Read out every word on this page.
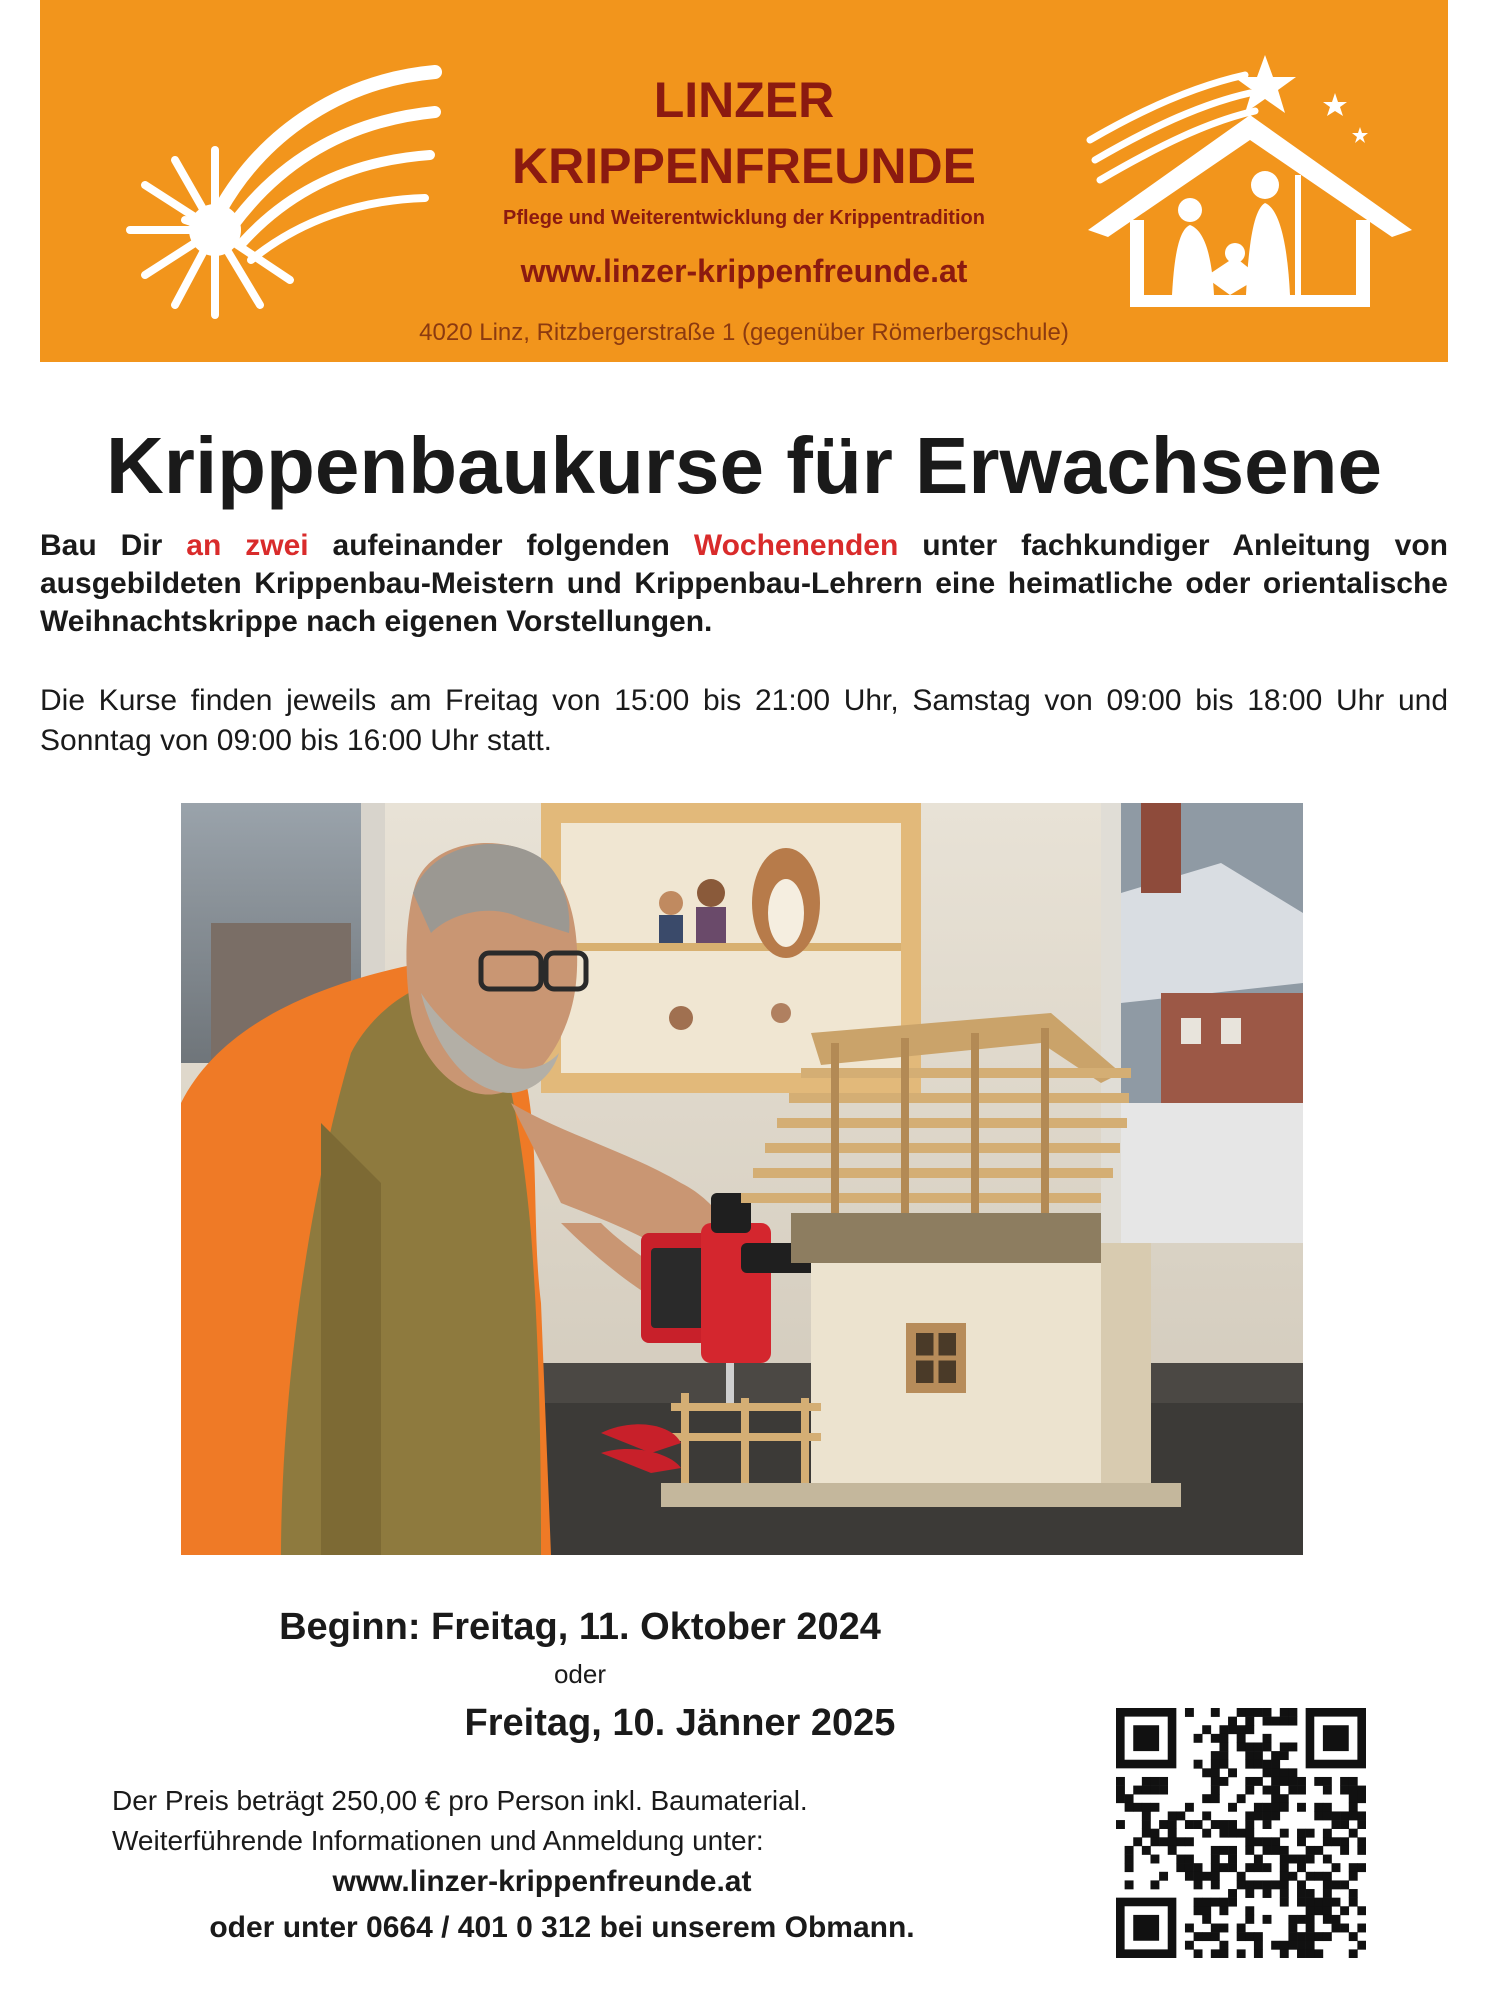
LINZER
KRIPPENFREUNDE
Pflege und Weiterentwicklung der Krippentradition
www.linzer-krippenfreunde.at
4020 Linz, Ritzbergerstraße 1 (gegenüber Römerbergschule)
Krippenbaukurse für Erwachsene

Bau Dir an zwei aufeinander folgenden Wochenenden unter fachkundiger Anleitung von ausgebildeten Krippenbau-Meistern und Krippenbau-Lehrern eine heimatliche oder orientalische Weihnachtskrippe nach eigenen Vorstellungen.

Die Kurse finden jeweils am Freitag von 15:00 bis 21:00 Uhr, Samstag von 09:00 bis 18:00 Uhr und Sonntag von 09:00 bis 16:00 Uhr statt.

Beginn: Freitag, 11. Oktober 2024
oder
Freitag, 10. Jänner 2025
Der Preis beträgt 250,00 € pro Person inkl. Baumaterial.
Weiterführende Informationen und Anmeldung unter:
www.linzer-krippenfreunde.at
oder unter 0664 / 401 0 312 bei unserem Obmann.
